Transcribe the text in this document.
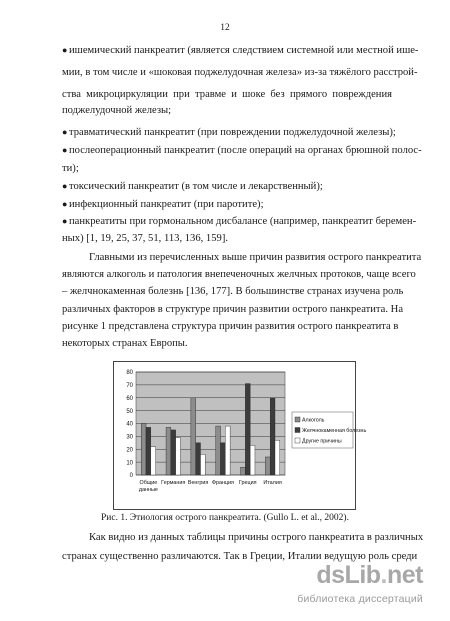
12
● ишемический панкреатит (является следствием системной или местной ише-
мии, в том числе и «шоковая поджелудочная железа» из-за тяжёлого расстрой-
ства микроциркуляции при травме и шоке без прямого повреждения
поджелудочной железы;
● травматический панкреатит (при повреждении поджелудочной железы);
● послеоперационный панкреатит (после операций на органах брюшной полос-
ти);
● токсический панкреатит (в том числе и лекарственный);
● инфекционный панкреатит (при паротите);
● панкреатиты при гормональном дисбалансе (например, панкреатит беремен-
ных) [1, 19, 25, 37, 51, 113, 136, 159].
Главными из перечисленных выше причин развития острого панкреатита
являются алкоголь и патология внепеченочных желчных протоков, чаще всего
– желчнокаменная болезнь [136, 177]. В большинстве странах изучена роль
различных факторов в структуре причин развитии острого панкреатита. На
рисунке 1 представлена структура причин развития острого панкреатита в
некоторых странах Европы.
0
10
20
30
40
50
60
70
80
Общие
данные
Германия Венгрия Франция Греция Италия
Алкоголь
Желчнокаменная болезнь
Другие причины
Рис. 1. Этиология острого панкреатита. (Gullo L. et al., 2002).
Как видно из данных таблицы причины острого панкреатита в различных
странах существенно различаются. Так в Греции, Италии ведущую роль среди
dsLib.net
библиотека диссертаций
